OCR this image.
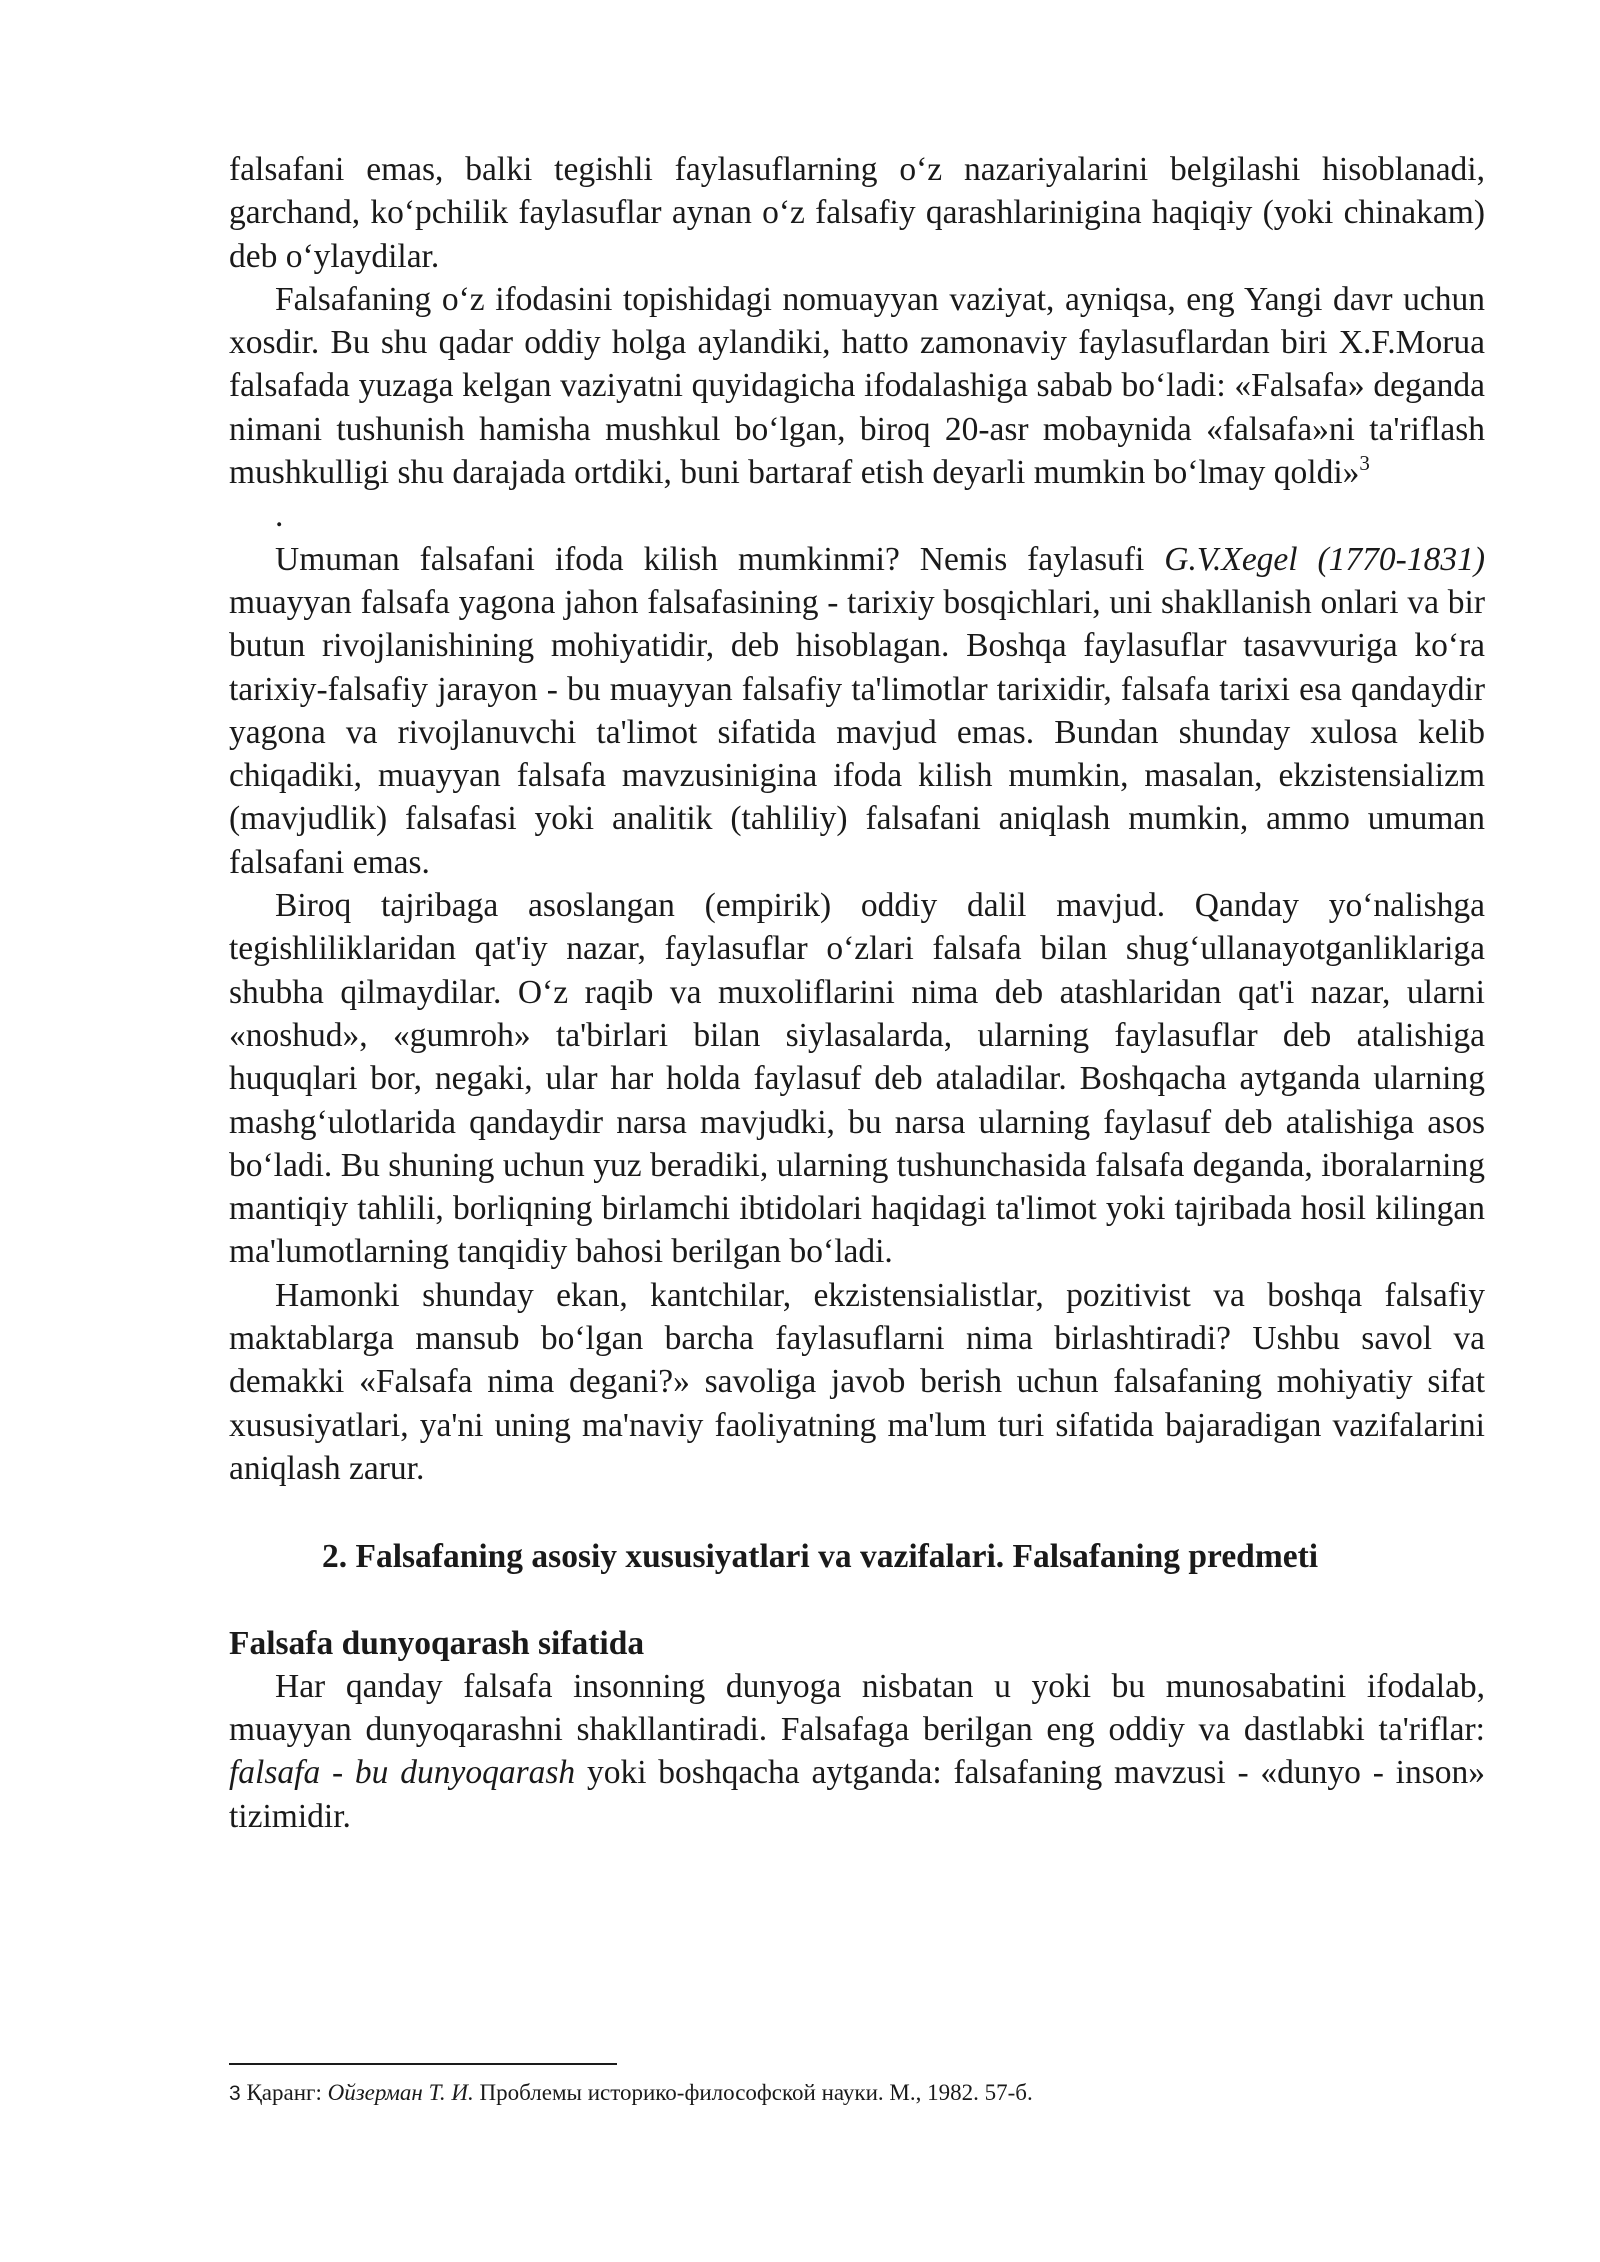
falsafani emas, balki tegishli faylasuflarning o‘z nazariyalarini belgilashi hisoblanadi, garchand, ko‘pchilik faylasuflar aynan o‘z falsafiy qarashlarinigina haqiqiy (yoki chinakam) deb o‘ylaydilar.

Falsafaning o‘z ifodasini topishidagi nomuayyan vaziyat, ayniqsa, eng Yangi davr uchun xosdir. Bu shu qadar oddiy holga aylandiki, hatto zamonaviy faylasuflardan biri X.F.Morua falsafada yuzaga kelgan vaziyatni quyidagicha ifodalashiga sabab bo‘ladi: «Falsafa» deganda nimani tushunish hamisha mushkul bo‘lgan, biroq 20-asr mobaynida «falsafa»ni ta'riflash mushkulligi shu darajada ortdiki, buni bartaraf etish deyarli mumkin bo‘lmay qoldi»$^3$

.

Umuman falsafani ifoda kilish mumkinmi? Nemis faylasufi G.V.Xegel (1770-1831) muayyan falsafa yagona jahon falsafasining - tarixiy bosqichlari, uni shakllanish onlari va bir butun rivojlanishining mohiyatidir, deb hisoblagan. Boshqa faylasuflar tasavvuriga ko‘ra tarixiy-falsafiy jarayon - bu muayyan falsafiy ta'limotlar tarixidir, falsafa tarixi esa qandaydir yagona va rivojlanuvchi ta'limot sifatida mavjud emas. Bundan shunday xulosa kelib chiqadiki, muayyan falsafa mavzusinigina ifoda kilish mumkin, masalan, ekzistensializm (mavjudlik) falsafasi yoki analitik (tahliliy) falsafani aniqlash mumkin, ammo umuman falsafani emas.

Biroq tajribaga asoslangan (empirik) oddiy dalil mavjud. Qanday yo‘nalishga tegishliliklaridan qat'iy nazar, faylasuflar o‘zlari falsafa bilan shug‘ullanayotganliklariga shubha qilmaydilar. O‘z raqib va muxoliflarini nima deb atashlaridan qat'i nazar, ularni «noshud», «gumroh» ta'birlari bilan siylasalarda, ularning faylasuflar deb atalishiga huquqlari bor, negaki, ular har holda faylasuf deb ataladilar. Boshqacha aytganda ularning mashg‘ulotlarida qandaydir narsa mavjudki, bu narsa ularning faylasuf deb atalishiga asos bo‘ladi. Bu shuning uchun yuz beradiki, ularning tushunchasida falsafa deganda, iboralarning mantiqiy tahlili, borliqning birlamchi ibtidolari haqidagi ta'limot yoki tajribada hosil kilingan ma'lumotlarning tanqidiy bahosi berilgan bo‘ladi.

Hamonki shunday ekan, kantchilar, ekzistensialistlar, pozitivist va boshqa falsafiy maktablarga mansub bo‘lgan barcha faylasuflarni nima birlashtiradi? Ushbu savol va demakki «Falsafa nima degani?» savoliga javob berish uchun falsafaning mohiyatiy sifat xususiyatlari, ya'ni uning ma'naviy faoliyatning ma'lum turi sifatida bajaradigan vazifalarini aniqlash zarur.

2. Falsafaning asosiy xususiyatlari va vazifalari. Falsafaning predmeti
Falsafa dunyoqarash sifatida

Har qanday falsafa insonning dunyoga nisbatan u yoki bu munosabatini ifodalab, muayyan dunyoqarashni shakllantiradi. Falsafaga berilgan eng oddiy va dastlabki ta'riflar: falsafa - bu dunyoqarash yoki boshqacha aytganda: falsafaning mavzusi - «dunyo - inson» tizimidir.

3 Қаранг: Ойзерман Т. И. Проблемы историко-философской науки. М., 1982. 57-б.
